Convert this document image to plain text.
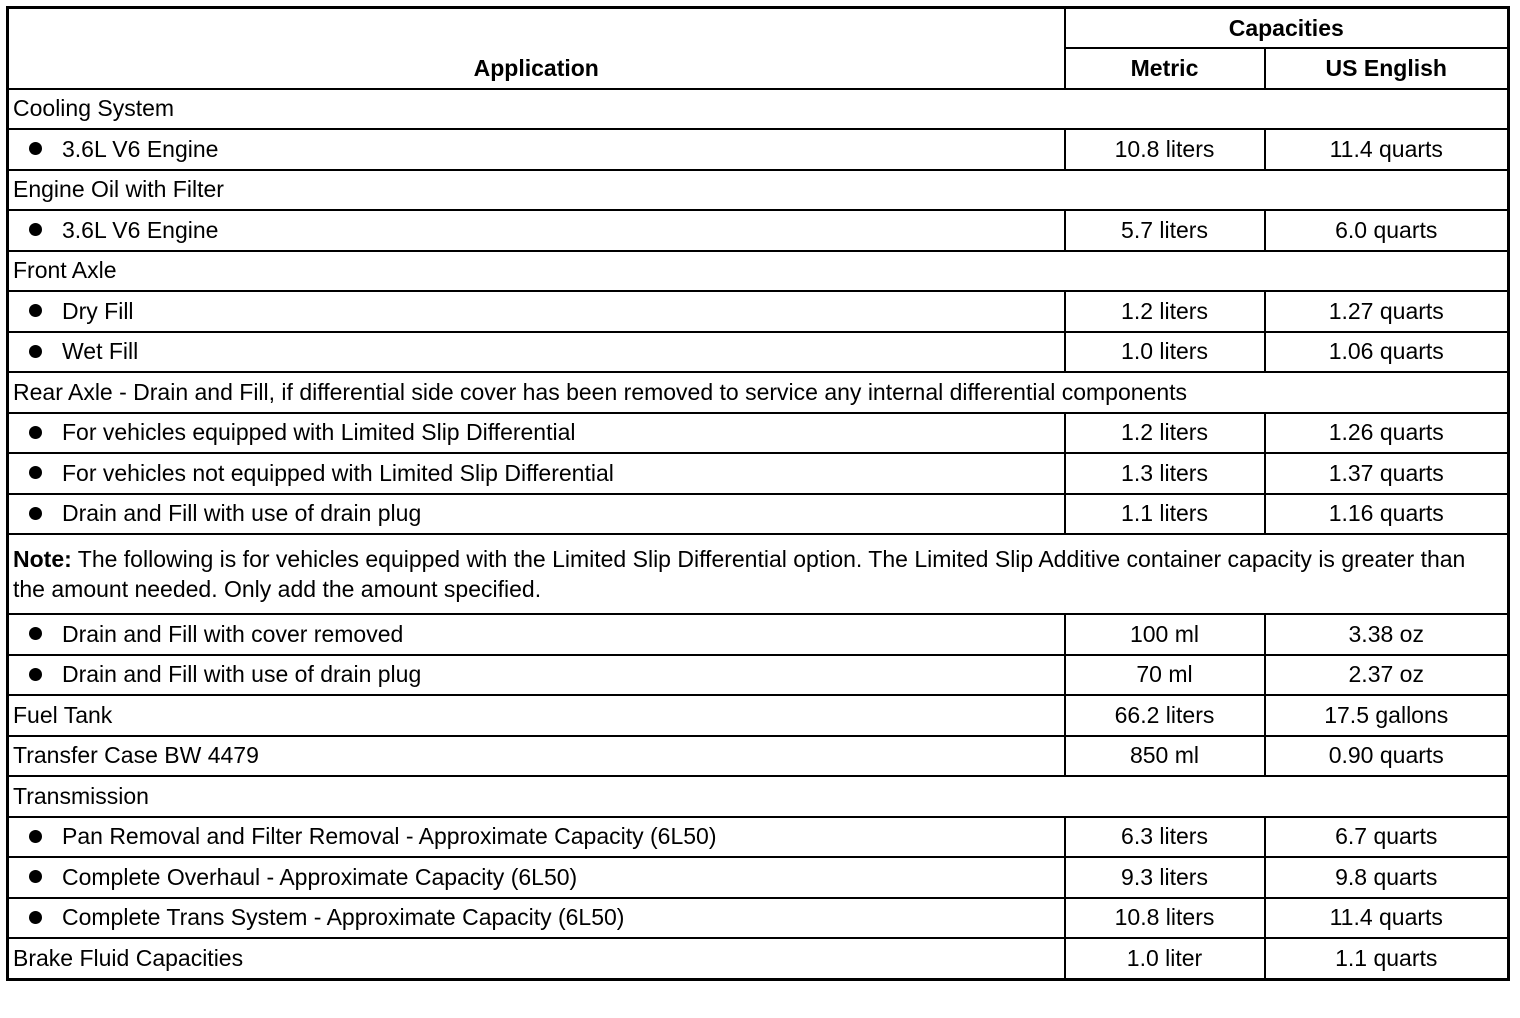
Application	Capacities	
	Metric	US English
Cooling System		
3.6L V6 Engine	10.8 liters	11.4 quarts
Engine Oil with Filter		
3.6L V6 Engine	5.7 liters	6.0 quarts
Front Axle		
Dry Fill	1.2 liters	1.27 quarts
Wet Fill	1.0 liters	1.06 quarts
Rear Axle - Drain and Fill, if differential side cover has been removed to service any internal differential components		
For vehicles equipped with Limited Slip Differential	1.2 liters	1.26 quarts
For vehicles not equipped with Limited Slip Differential	1.3 liters	1.37 quarts
Drain and Fill with use of drain plug	1.1 liters	1.16 quarts
Note: The following is for vehicles equipped with the Limited Slip Differential option. The Limited Slip Additive container capacity is greater than the amount needed. Only add the amount specified.		
Drain and Fill with cover removed	100 ml	3.38 oz
Drain and Fill with use of drain plug	70 ml	2.37 oz
Fuel Tank	66.2 liters	17.5 gallons
Transfer Case BW 4479	850 ml	0.90 quarts
Transmission		
Pan Removal and Filter Removal - Approximate Capacity (6L50)	6.3 liters	6.7 quarts
Complete Overhaul - Approximate Capacity (6L50)	9.3 liters	9.8 quarts
Complete Trans System - Approximate Capacity (6L50)	10.8 liters	11.4 quarts
Brake Fluid Capacities	1.0 liter	1.1 quarts
